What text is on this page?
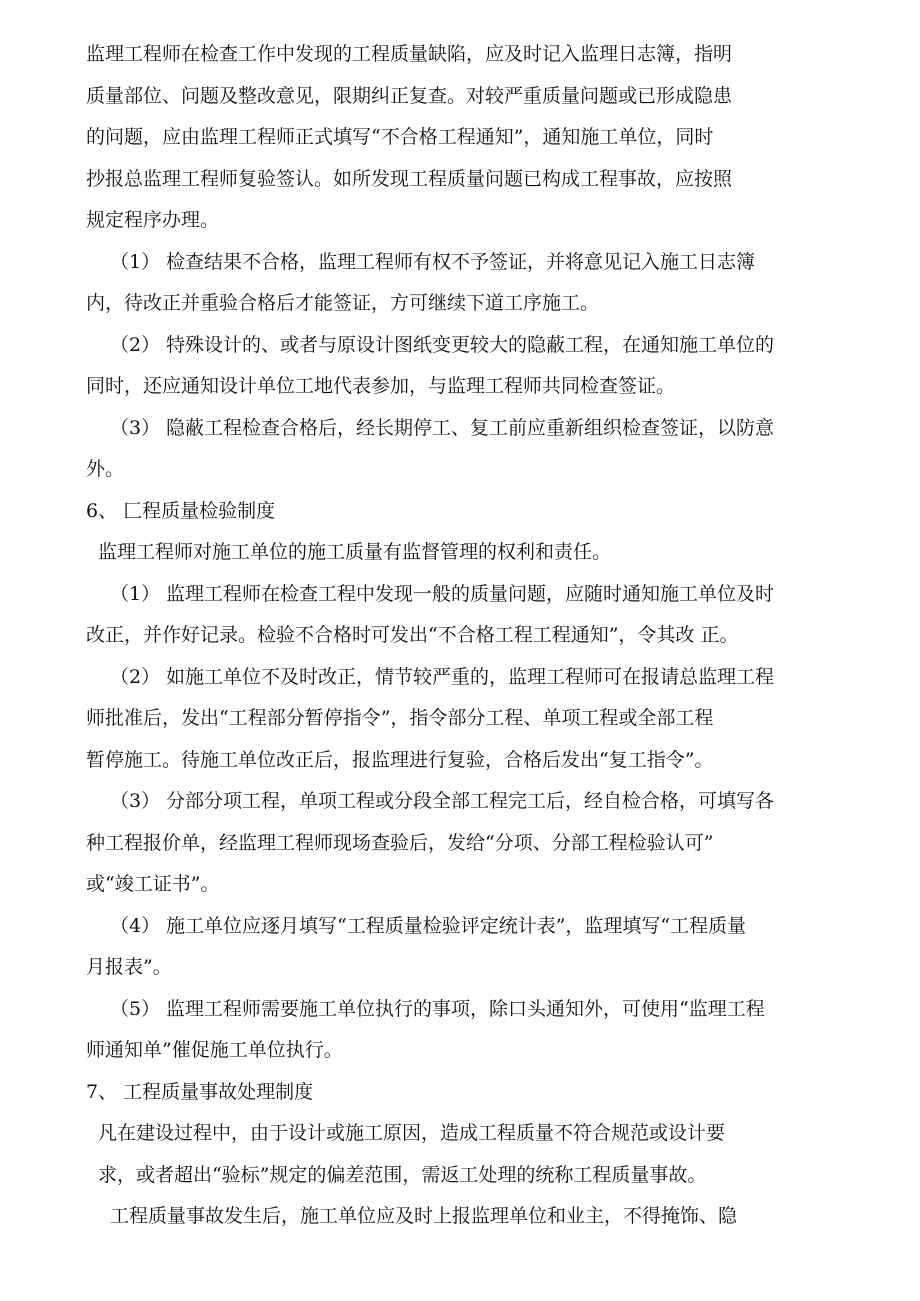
监理工程师在检查工作中发现的工程质量缺陷，应及时记入监理日志簿，指明
质量部位、问题及整改意见，限期纠正复查。对较严重质量问题或已形成隐患
的问题，应由监理工程师正式填写“不合格工程通知”，通知施工单位，同时
抄报总监理工程师复验签认。如所发现工程质量问题已构成工程事故，应按照
规定程序办理。
（1） 检查结果不合格，监理工程师有权不予签证，并将意见记入施工日志簿
内，待改正并重验合格后才能签证，方可继续下道工序施工。
（2） 特殊设计的、或者与原设计图纸变更较大的隐蔽工程，在通知施工单位的
同时，还应通知设计单位工地代表参加，与监理工程师共同检查签证。
（3） 隐蔽工程检查合格后，经长期停工、复工前应重新组织检查签证，以防意
外。
6、 匚程质量检验制度
监理工程师对施工单位的施工质量有监督管理的权利和责任。
（1） 监理工程师在检查工程中发现一般的质量问题，应随时通知施工单位及时
改正，并作好记录。检验不合格时可发出“不合格工程工程通知”，令其改 正。
（2） 如施工单位不及时改正，情节较严重的，监理工程师可在报请总监理工程
师批准后，发出“工程部分暂停指令”，指令部分工程、单项工程或全部工程
暂停施工。待施工单位改正后，报监理进行复验，合格后发出“复工指令”。
（3） 分部分项工程，单项工程或分段全部工程完工后，经自检合格，可填写各
种工程报价单，经监理工程师现场查验后，发给“分项、分部工程检验认可”
或“竣工证书”。
（4） 施工单位应逐月填写“工程质量检验评定统计表”，监理填写“工程质量
月报表”。
（5） 监理工程师需要施工单位执行的事项，除口头通知外，可使用“监理工程
师通知单”催促施工单位执行。
7、 工程质量事故处理制度
凡在建设过程中，由于设计或施工原因，造成工程质量不符合规范或设计要
求，或者超出“验标”规定的偏差范围，需返工处理的统称工程质量事故。
工程质量事故发生后，施工单位应及时上报监理单位和业主，不得掩饰、隐
